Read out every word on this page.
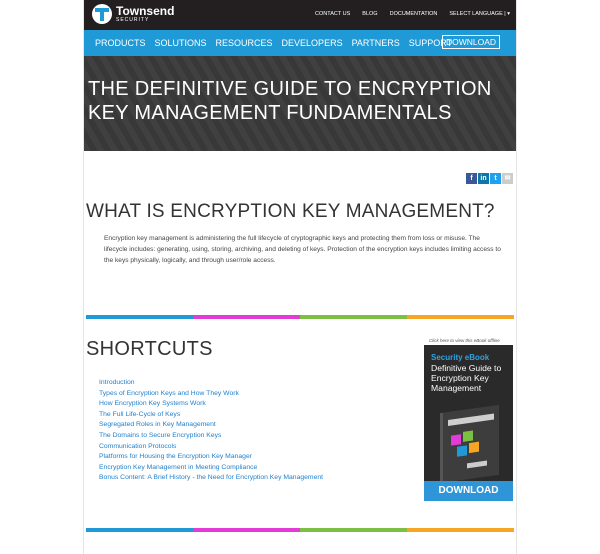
Townsend
SECURITY
CONTACT US BLOG DOCUMENTATION SELECT LANGUAGE | ▾
PRODUCTS SOLUTIONS RESOURCES DEVELOPERS PARTNERS SUPPORT
DOWNLOAD
THE DEFINITIVE GUIDE TO ENCRYPTION KEY MANAGEMENT FUNDAMENTALS
f	in	t	✉
WHAT IS ENCRYPTION KEY MANAGEMENT?
Encryption key management is administering the full lifecycle of cryptographic keys and protecting them from loss or misuse. The lifecycle includes: generating, using, storing, archiving, and deleting of keys. Protection of the encryption keys includes limiting access to the keys physically, logically, and through user/role access.
SHORTCUTS
Introduction
Types of Encryption Keys and How They Work
How Encryption Key Systems Work
The Full Life-Cycle of Keys
Segregated Roles in Key Management
The Domains to Secure Encryption Keys
Communication Protocols
Platforms for Housing the Encryption Key Manager
Encryption Key Management in Meeting Compliance
Bonus Content: A Brief History - the Need for Encryption Key Management
Click here to view this eBook offline
Security eBook
Definitive Guide to Encryption Key Management
DOWNLOAD
